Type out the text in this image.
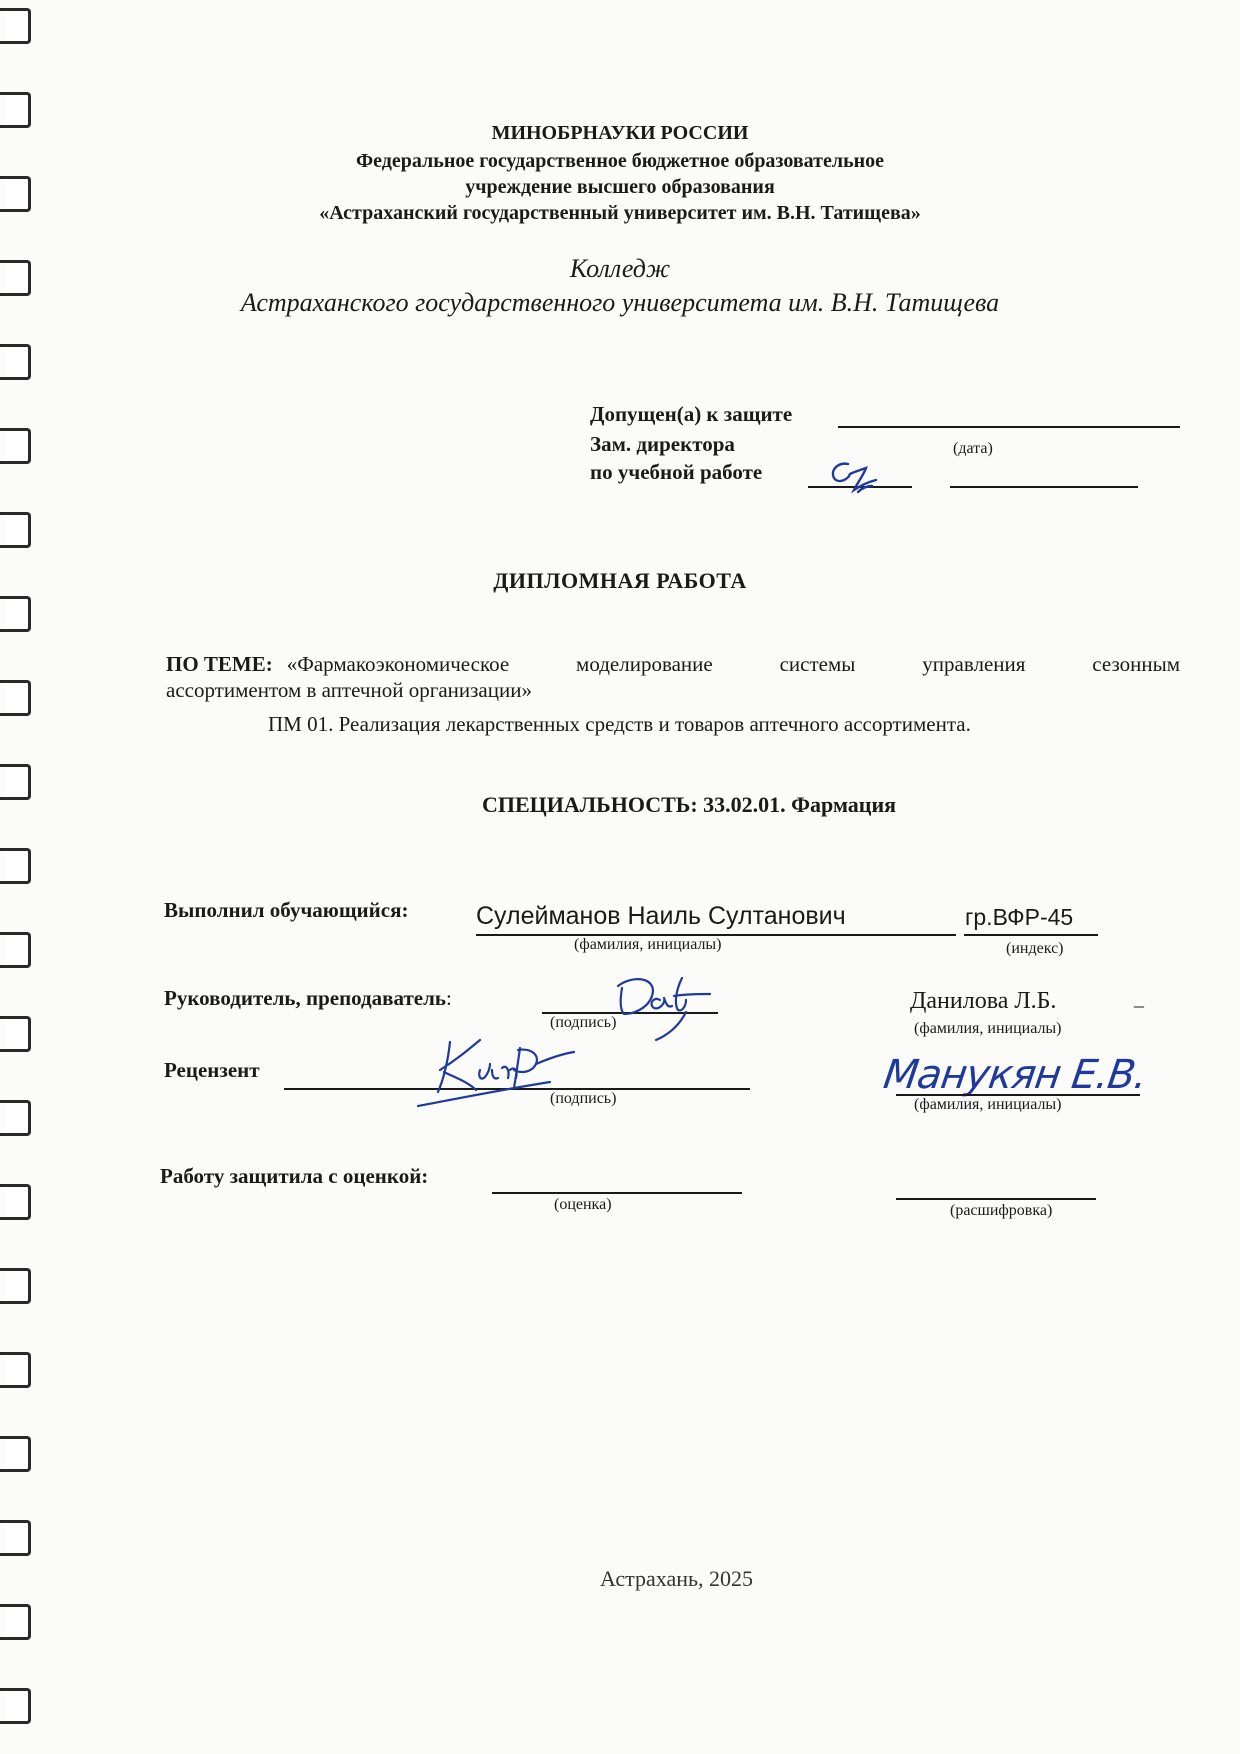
МИНОБРНАУКИ РОССИИ
Федеральное государственное бюджетное образовательное
учреждение высшего образования
«Астраханский государственный университет им. В.Н. Татищева»
Колледж
Астраханского государственного университета им. В.Н. Татищева
Допущен(а) к защите
Зам. директора	(дата)
по учебной работе
ДИПЛОМНАЯ РАБОТА
ПО ТЕМЕ: «Фармакоэкономическое моделирование системы управления сезонным
ассортиментом в аптечной организации»
ПМ 01. Реализация лекарственных средств и товаров аптечного ассортимента.
СПЕЦИАЛЬНОСТЬ: 33.02.01. Фармация
Выполнил обучающийся:	Сулейманов Наиль Султанович	гр.ВФР-45
(фамилия, инициалы)	(индекс)
Руководитель, преподаватель:
(подпись)
Данилова Л.Б.	_
(фамилия, инициалы)
Рецензент
(подпись)
Манукян Е.В.
(фамилия, инициалы)
Работу защитила с оценкой:
(оценка)	(расшифровка)
Астрахань, 2025
